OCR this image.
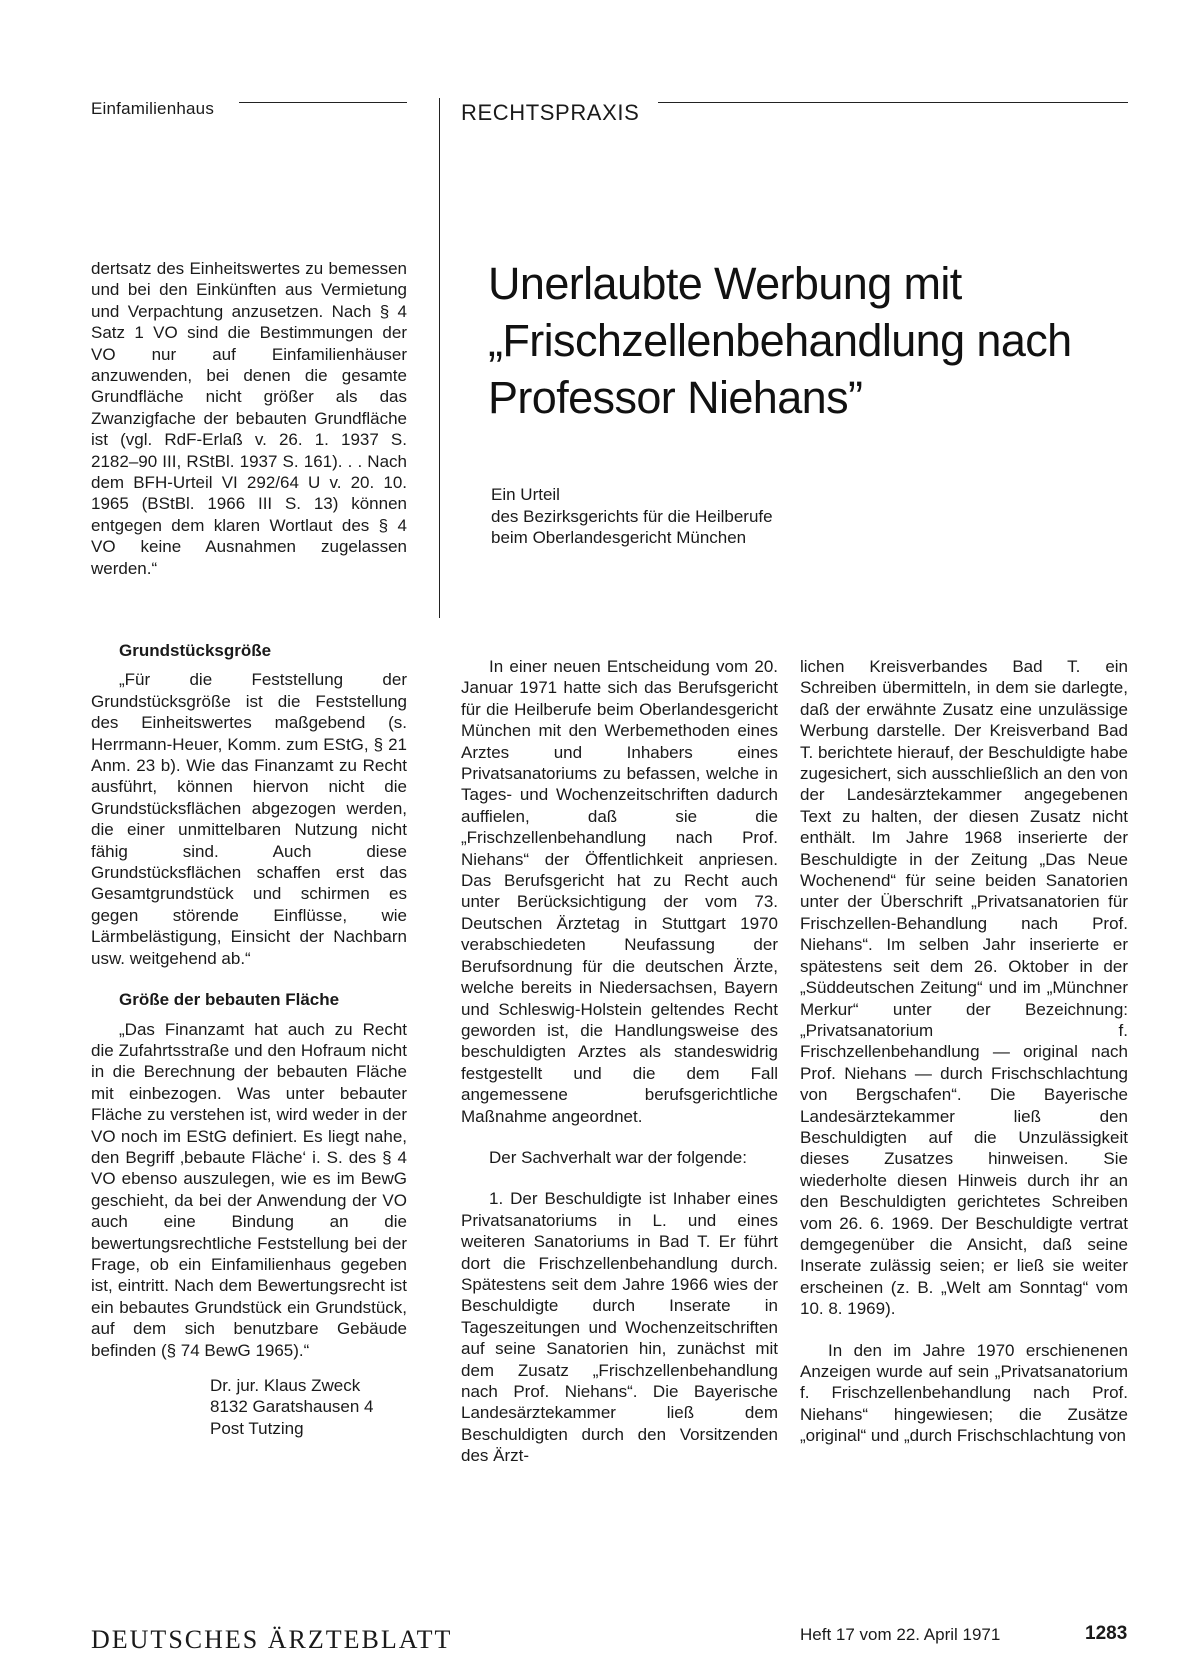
Einfamilienhaus	RECHTSPRAXIS

dertsatz des Einheitswertes zu bemessen und bei den Einkünften aus Vermietung und Verpachtung anzusetzen. Nach § 4 Satz 1 VO sind die Bestimmungen der VO nur auf Einfamilienhäuser anzuwenden, bei denen die gesamte Grundfläche nicht größer als das Zwanzigfache der bebauten Grundfläche ist (vgl. RdF-Erlaß v. 26. 1. 1937 S. 2182–90 III, RStBl. 1937 S. 161). . . Nach dem BFH-Urteil VI 292/64 U v. 20. 10. 1965 (BStBl. 1966 III S. 13) können entgegen dem klaren Wortlaut des § 4 VO keine Ausnahmen zugelassen werden.“

Unerlaubte Werbung mit
„Frischzellenbehandlung nach
Professor Niehans”
Ein Urteil
des Bezirksgerichts für die Heilberufe
beim Oberlandesgericht München
Grundstücksgröße

„Für die Feststellung der Grundstücksgröße ist die Feststellung des Einheitswertes maßgebend (s. Herrmann-Heuer, Komm. zum EStG, § 21 Anm. 23 b). Wie das Finanzamt zu Recht ausführt, können hiervon nicht die Grundstücksflächen abgezogen werden, die einer unmittelbaren Nutzung nicht fähig sind. Auch diese Grundstücksflächen schaffen erst das Gesamtgrundstück und schirmen es gegen störende Einflüsse, wie Lärmbelästigung, Einsicht der Nachbarn usw. weitgehend ab.“

Größe der bebauten Fläche

„Das Finanzamt hat auch zu Recht die Zufahrtsstraße und den Hofraum nicht in die Berechnung der bebauten Fläche mit einbezogen. Was unter bebauter Fläche zu verstehen ist, wird weder in der VO noch im EStG definiert. Es liegt nahe, den Begriff ‚bebaute Fläche‘ i. S. des § 4 VO ebenso auszulegen, wie es im BewG geschieht, da bei der Anwendung der VO auch eine Bindung an die bewertungsrechtliche Feststellung bei der Frage, ob ein Einfamilienhaus gegeben ist, eintritt. Nach dem Bewertungsrecht ist ein bebautes Grundstück ein Grundstück, auf dem sich benutzbare Gebäude befinden (§ 74 BewG 1965).“

Dr. jur. Klaus Zweck
8132 Garatshausen 4
Post Tutzing

In einer neuen Entscheidung vom 20. Januar 1971 hatte sich das Berufsgericht für die Heilberufe beim Oberlandesgericht München mit den Werbemethoden eines Arztes und Inhabers eines Privatsanatoriums zu befassen, welche in Tages- und Wochenzeitschriften dadurch auffielen, daß sie die „Frischzellenbehandlung nach Prof. Niehans“ der Öffentlichkeit anpriesen. Das Berufsgericht hat zu Recht auch unter Berücksichtigung der vom 73. Deutschen Ärztetag in Stuttgart 1970 verabschiedeten Neufassung der Berufsordnung für die deutschen Ärzte, welche bereits in Niedersachsen, Bayern und Schleswig-Holstein geltendes Recht geworden ist, die Handlungsweise des beschuldigten Arztes als standeswidrig festgestellt und die dem Fall angemessene berufsgerichtliche Maßnahme angeordnet.

Der Sachverhalt war der folgende:

1. Der Beschuldigte ist Inhaber eines Privatsanatoriums in L. und eines weiteren Sanatoriums in Bad T. Er führt dort die Frischzellenbehandlung durch. Spätestens seit dem Jahre 1966 wies der Beschuldigte durch Inserate in Tageszeitungen und Wochenzeitschriften auf seine Sanatorien hin, zunächst mit dem Zusatz „Frischzellenbehandlung nach Prof. Niehans“. Die Bayerische Landesärztekammer ließ dem Beschuldigten durch den Vorsitzenden des Ärzt-

lichen Kreisverbandes Bad T. ein Schreiben übermitteln, in dem sie darlegte, daß der erwähnte Zusatz eine unzulässige Werbung darstelle. Der Kreisverband Bad T. berichtete hierauf, der Beschuldigte habe zugesichert, sich ausschließlich an den von der Landesärztekammer angegebenen Text zu halten, der diesen Zusatz nicht enthält. Im Jahre 1968 inserierte der Beschuldigte in der Zeitung „Das Neue Wochenend“ für seine beiden Sanatorien unter der Überschrift „Privatsanatorien für Frischzellen-Behandlung nach Prof. Niehans“. Im selben Jahr inserierte er spätestens seit dem 26. Oktober in der „Süddeutschen Zeitung“ und im „Münchner Merkur“ unter der Bezeichnung: „Privatsanatorium f. Frischzellenbehandlung — original nach Prof. Niehans — durch Frischschlachtung von Bergschafen“. Die Bayerische Landesärztekammer ließ den Beschuldigten auf die Unzulässigkeit dieses Zusatzes hinweisen. Sie wiederholte diesen Hinweis durch ihr an den Beschuldigten gerichtetes Schreiben vom 26. 6. 1969. Der Beschuldigte vertrat demgegenüber die Ansicht, daß seine Inserate zulässig seien; er ließ sie weiter erscheinen (z. B. „Welt am Sonntag“ vom 10. 8. 1969).

In den im Jahre 1970 erschienenen Anzeigen wurde auf sein „Privatsanatorium f. Frischzellenbehandlung nach Prof. Niehans“ hingewiesen; die Zusätze „original“ und „durch Frischschlachtung von

DEUTSCHES ÄRZTEBLATT	Heft 17 vom 22. April 1971	1283
